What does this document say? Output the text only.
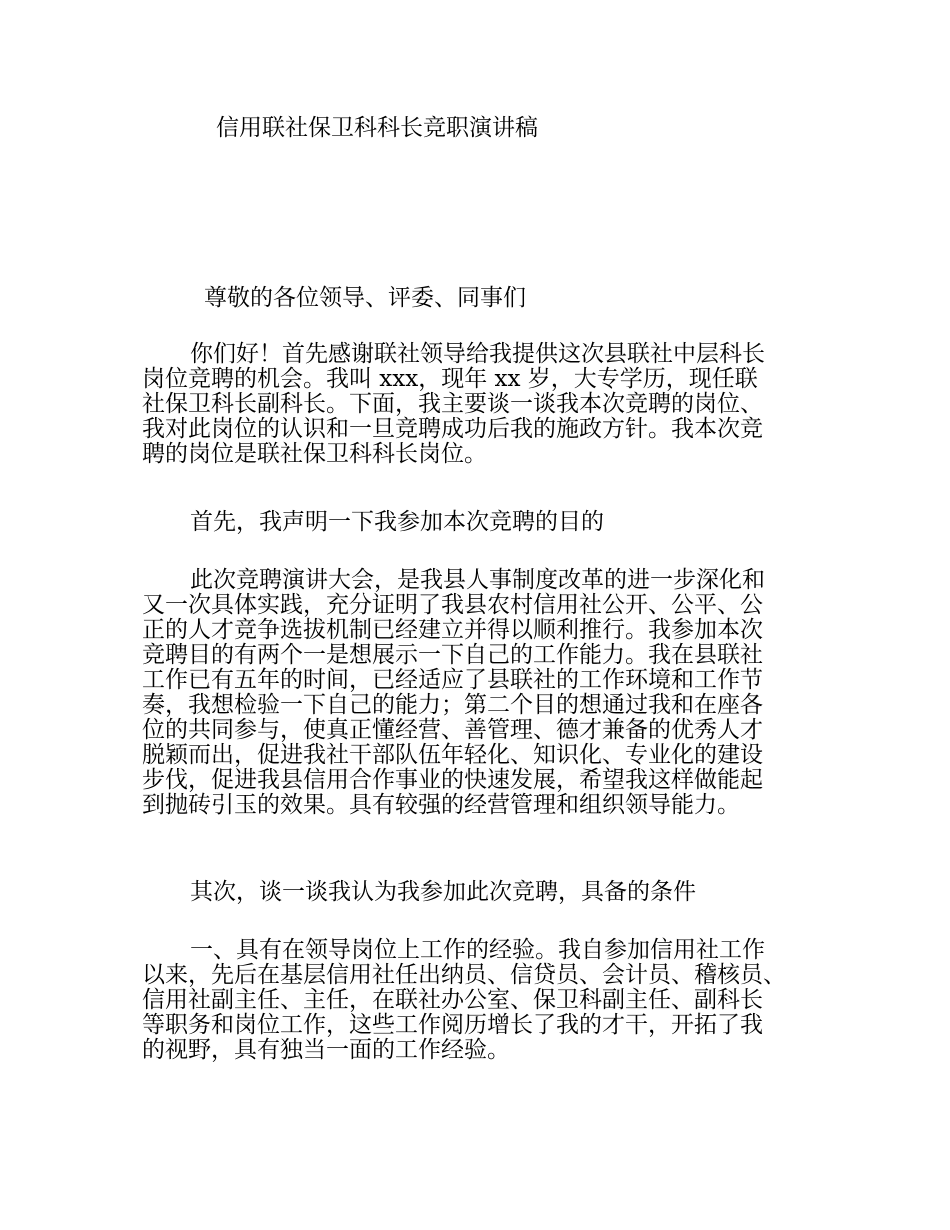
信用联社保卫科科长竞职演讲稿
尊敬的各位领导、评委、同事们
你们好！首先感谢联社领导给我提供这次县联社中层科长
岗位竞聘的机会。我叫 xxx，现年 xx 岁，大专学历，现任联
社保卫科长副科长。下面，我主要谈一谈我本次竞聘的岗位、
我对此岗位的认识和一旦竞聘成功后我的施政方针。我本次竞
聘的岗位是联社保卫科科长岗位。
首先，我声明一下我参加本次竞聘的目的
此次竞聘演讲大会，是我县人事制度改革的进一步深化和
又一次具体实践，充分证明了我县农村信用社公开、公平、公
正的人才竞争选拔机制已经建立并得以顺利推行。我参加本次
竞聘目的有两个一是想展示一下自己的工作能力。我在县联社
工作已有五年的时间，已经适应了县联社的工作环境和工作节
奏，我想检验一下自己的能力；第二个目的想通过我和在座各
位的共同参与，使真正懂经营、善管理、德才兼备的优秀人才
脱颖而出，促进我社干部队伍年轻化、知识化、专业化的建设
步伐，促进我县信用合作事业的快速发展，希望我这样做能起
到抛砖引玉的效果。具有较强的经营管理和组织领导能力。
其次，谈一谈我认为我参加此次竞聘，具备的条件
一、具有在领导岗位上工作的经验。我自参加信用社工作
以来，先后在基层信用社任出纳员、信贷员、会计员、稽核员、
信用社副主任、主任，在联社办公室、保卫科副主任、副科长
等职务和岗位工作，这些工作阅历增长了我的才干，开拓了我
的视野，具有独当一面的工作经验。
